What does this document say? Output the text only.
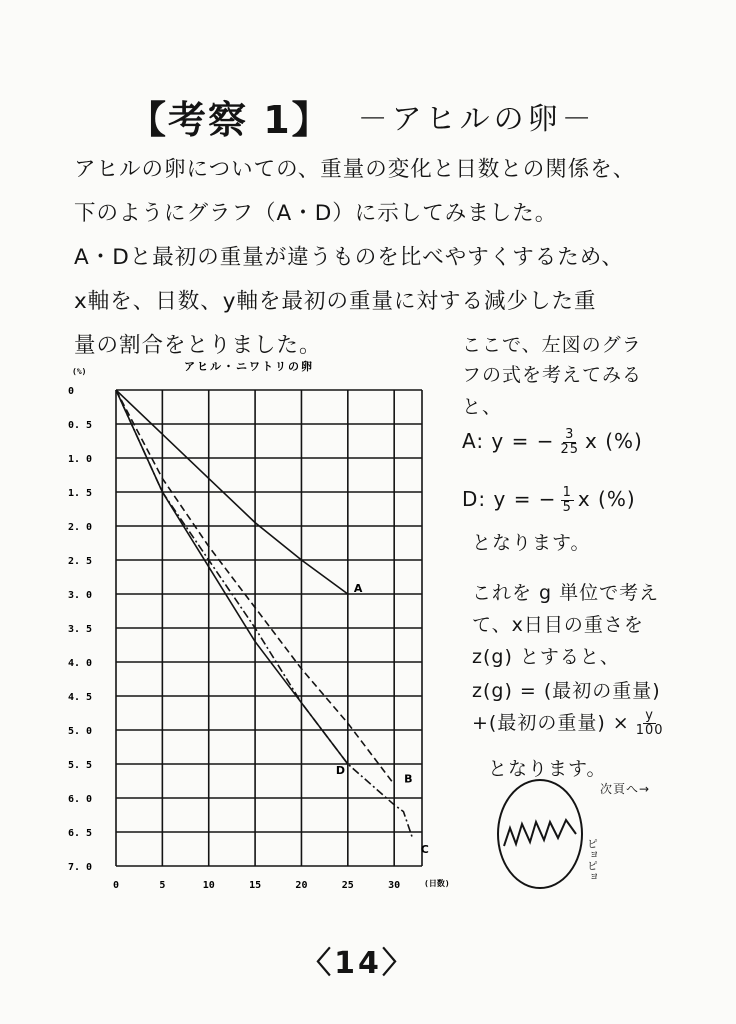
【考察 1】 －アヒルの卵－
アヒルの卵についての、重量の変化と日数との関係を、
下のようにグラフ（A・D）に示してみました。
A・Dと最初の重量が違うものを比べやすくするため、
x軸を、日数、y軸を最初の重量に対する減少した重
量の割合をとりました。
アヒル・ニワトリの卵
(%)
(日数)
0
0. 5
1. 0
1. 5
2. 0
2. 5
3. 0
3. 5
4. 0
4. 5
5. 0
5. 5
6. 0
6. 5
7. 0
0	5	10	15	20	25	30
A
B
C
D
ここで、左図のグラ
フの式を考えてみる
と、
A: y = − $\frac{3}{25}$ x (%)
D: y = − $\frac{1}{5}$ x (%)
となります。
これを g 単位で考え
て、x日目の重さを
z(g) とすると、
z(g) = (最初の重量)
+(最初の重量) × $\frac{y}{100}$
となります。
次頁へ→
ピョピョ
〈14〉
